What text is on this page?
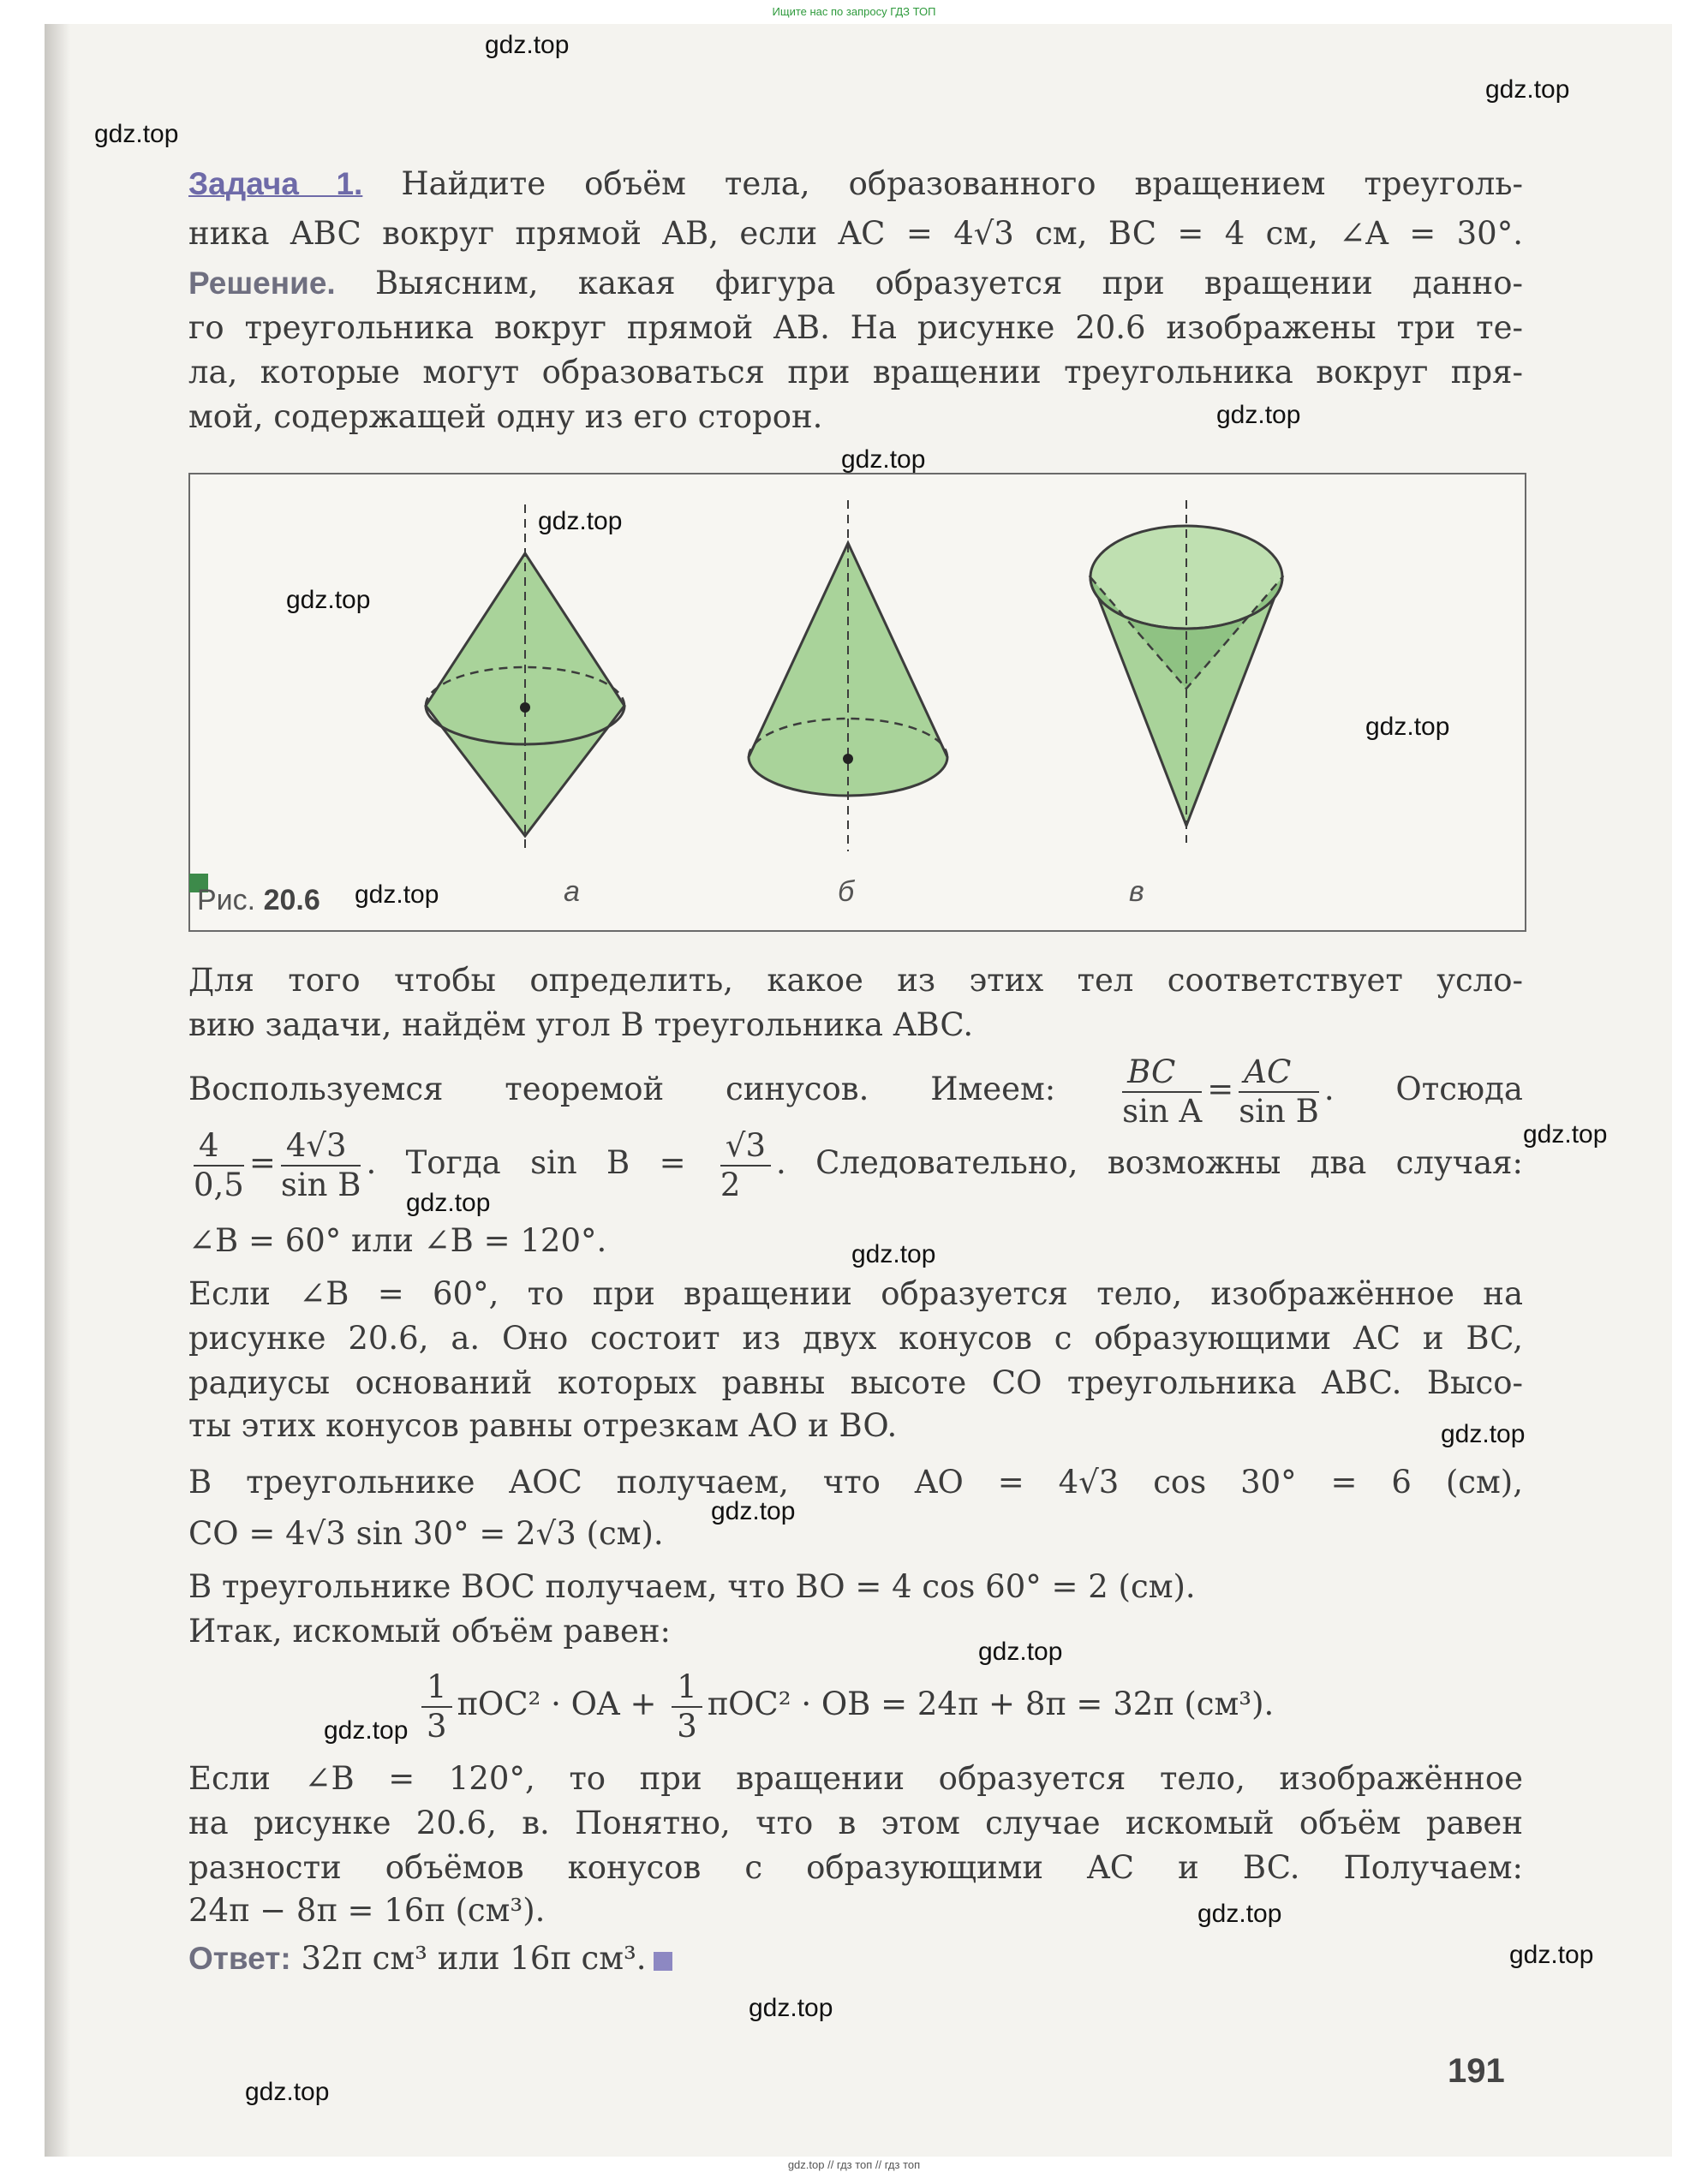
Ищите нас по запросу ГДЗ ТОП
Задача 1. Найдите объём тела, образованного вращением треуголь-
ника ABC вокруг прямой AB, если AC = 4√3 см, BC = 4 см, ∠A = 30°.
Решение. Выясним, какая фигура образуется при вращении данно-
го треугольника вокруг прямой AB. На рисунке 20.6 изображены три те-
ла, которые могут образоваться при вращении треугольника вокруг пря-
мой, содержащей одну из его сторон.
Рис. 20.6	а	б	в
Для того чтобы определить, какое из этих тел соответствует усло-
вию задачи, найдём угол B треугольника ABC.
Воспользуемся теоремой синусов. Имеем: $\frac{BC}{\text{sin A}} = \frac{AC}{\text{sin B}}$ . Отсюда
$\frac{4}{0,5} = \frac{4√3}{\text{sin B}}$ . Тогда $\sin B = \frac{√3}{2}$ . Следовательно, возможны два случая:
∠B = 60° или ∠B = 120°.
Если ∠B = 60°, то при вращении образуется тело, изображённое на
рисунке 20.6, a. Оно состоит из двух конусов с образующими AC и BC,
радиусы оснований которых равны высоте CO треугольника ABC. Высо-
ты этих конусов равны отрезкам AO и BO.
В треугольнике AOC получаем, что AO = 4√3 cos 30° = 6 (см),
CO = 4√3 sin 30° = 2√3 (см).
В треугольнике BOC получаем, что BO = 4 cos 60° = 2 (см).
Итак, искомый объём равен:
$\frac{1}{3} \pi OC^2$ · OA + $\frac{1}{3} \pi OC^2$ · OB = 24π + 8π = 32π (см³).
Если ∠B = 120°, то при вращении образуется тело, изображённое
на рисунке 20.6, в. Понятно, что в этом случае искомый объём равен
разности объёмов конусов с образующими AC и BC. Получаем:
24π − 8π = 16π (см³).
Ответ: 32π см³ или 16π см³.
191
gdz.top
gdz.top
gdz.top
gdz.top
gdz.top
gdz.top
gdz.top
gdz.top
gdz.top
gdz.top
gdz.top
gdz.top
gdz.top
gdz.top
gdz.top
gdz.top
gdz.top
gdz.top
gdz.top
gdz.top
gdz.top // гдз топ // гдз топ
